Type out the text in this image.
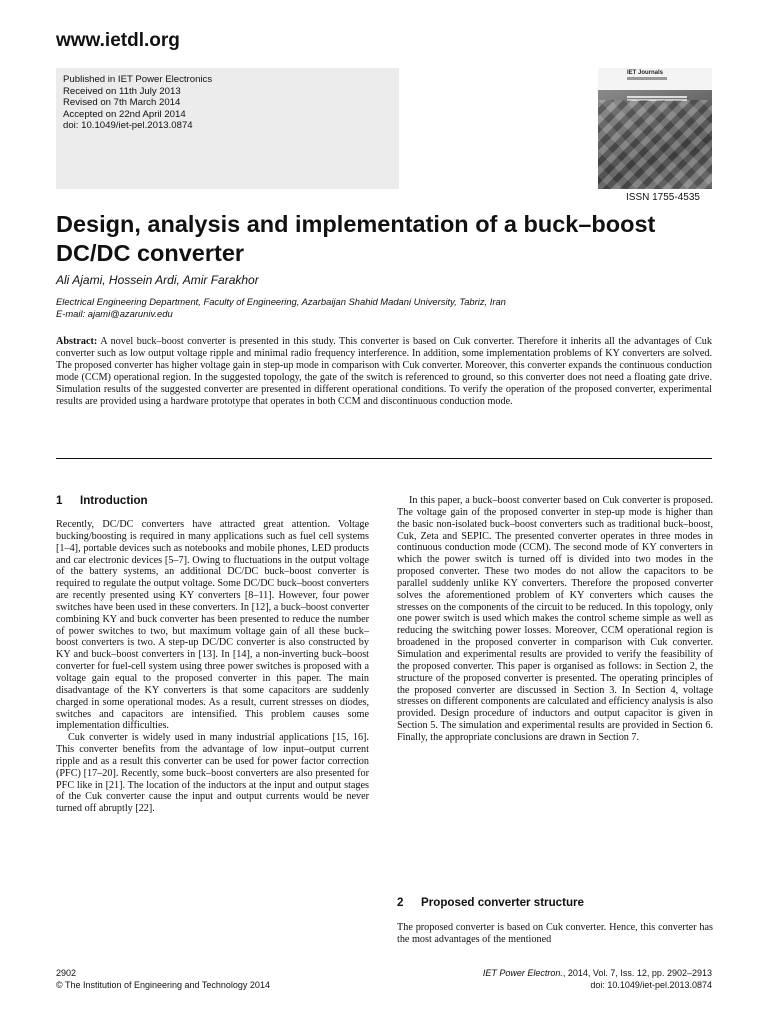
www.ietdl.org
Published in IET Power Electronics
Received on 11th July 2013
Revised on 7th March 2014
Accepted on 22nd April 2014
doi: 10.1049/iet-pel.2013.0874
IET Journals
ISSN 1755-4535
Design, analysis and implementation of a buck–boost DC/DC converter
Ali Ajami, Hossein Ardi, Amir Farakhor
Electrical Engineering Department, Faculty of Engineering, Azarbaijan Shahid Madani University, Tabriz, Iran
E-mail: ajami@azaruniv.edu
Abstract: A novel buck–boost converter is presented in this study. This converter is based on Cuk converter. Therefore it inherits all the advantages of Cuk converter such as low output voltage ripple and minimal radio frequency interference. In addition, some implementation problems of KY converters are solved. The proposed converter has higher voltage gain in step-up mode in comparison with Cuk converter. Moreover, this converter expands the continuous conduction mode (CCM) operational region. In the suggested topology, the gate of the switch is referenced to ground, so this converter does not need a floating gate drive. Simulation results of the suggested converter are presented in different operational conditions. To verify the operation of the proposed converter, experimental results are provided using a hardware prototype that operates in both CCM and discontinuous conduction mode.
1 Introduction

Recently, DC/DC converters have attracted great attention. Voltage bucking/boosting is required in many applications such as fuel cell systems [1–4], portable devices such as notebooks and mobile phones, LED products and car electronic devices [5–7]. Owing to fluctuations in the output voltage of the battery systems, an additional DC/DC buck–boost converter is required to regulate the output voltage. Some DC/DC buck–boost converters are recently presented using KY converters [8–11]. However, four power switches have been used in these converters. In [12], a buck–boost converter combining KY and buck converter has been presented to reduce the number of power switches to two, but maximum voltage gain of all these buck–boost converters is two. A step-up DC/DC converter is also constructed by KY and buck–boost converters in [13]. In [14], a non-inverting buck–boost converter for fuel-cell system using three power switches is proposed with a voltage gain equal to the proposed converter in this paper. The main disadvantage of the KY converters is that some capacitors are suddenly charged in some operational modes. As a result, current stresses on diodes, switches and capacitors are intensified. This problem causes some implementation difficulties.

Cuk converter is widely used in many industrial applications [15, 16]. This converter benefits from the advantage of low input–output current ripple and as a result this converter can be used for power factor correction (PFC) [17–20]. Recently, some buck–boost converters are also presented for PFC like in [21]. The location of the inductors at the input and output stages of the Cuk converter cause the input and output currents would be never turned off abruptly [22].

In this paper, a buck–boost converter based on Cuk converter is proposed. The voltage gain of the proposed converter in step-up mode is higher than the basic non-isolated buck–boost converters such as traditional buck–boost, Cuk, Zeta and SEPIC. The presented converter operates in three modes in continuous conduction mode (CCM). The second mode of KY converters in which the power switch is turned off is divided into two modes in the proposed converter. These two modes do not allow the capacitors to be parallel suddenly unlike KY converters. Therefore the proposed converter solves the aforementioned problem of KY converters which causes the stresses on the components of the circuit to be reduced. In this topology, only one power switch is used which makes the control scheme simple as well as reducing the switching power losses. Moreover, CCM operational region is broadened in the proposed converter in comparison with Cuk converter. Simulation and experimental results are provided to verify the feasibility of the proposed converter. This paper is organised as follows: in Section 2, the structure of the proposed converter is presented. The operating principles of the proposed converter are discussed in Section 3. In Section 4, voltage stresses on different components are calculated and efficiency analysis is also provided. Design procedure of inductors and output capacitor is given in Section 5. The simulation and experimental results are provided in Section 6. Finally, the appropriate conclusions are drawn in Section 7.

2 Proposed converter structure

The proposed converter is based on Cuk converter. Hence, this converter has the most advantages of the mentioned

2902
© The Institution of Engineering and Technology 2014
IET Power Electron., 2014, Vol. 7, Iss. 12, pp. 2902–2913
doi: 10.1049/iet-pel.2013.0874
